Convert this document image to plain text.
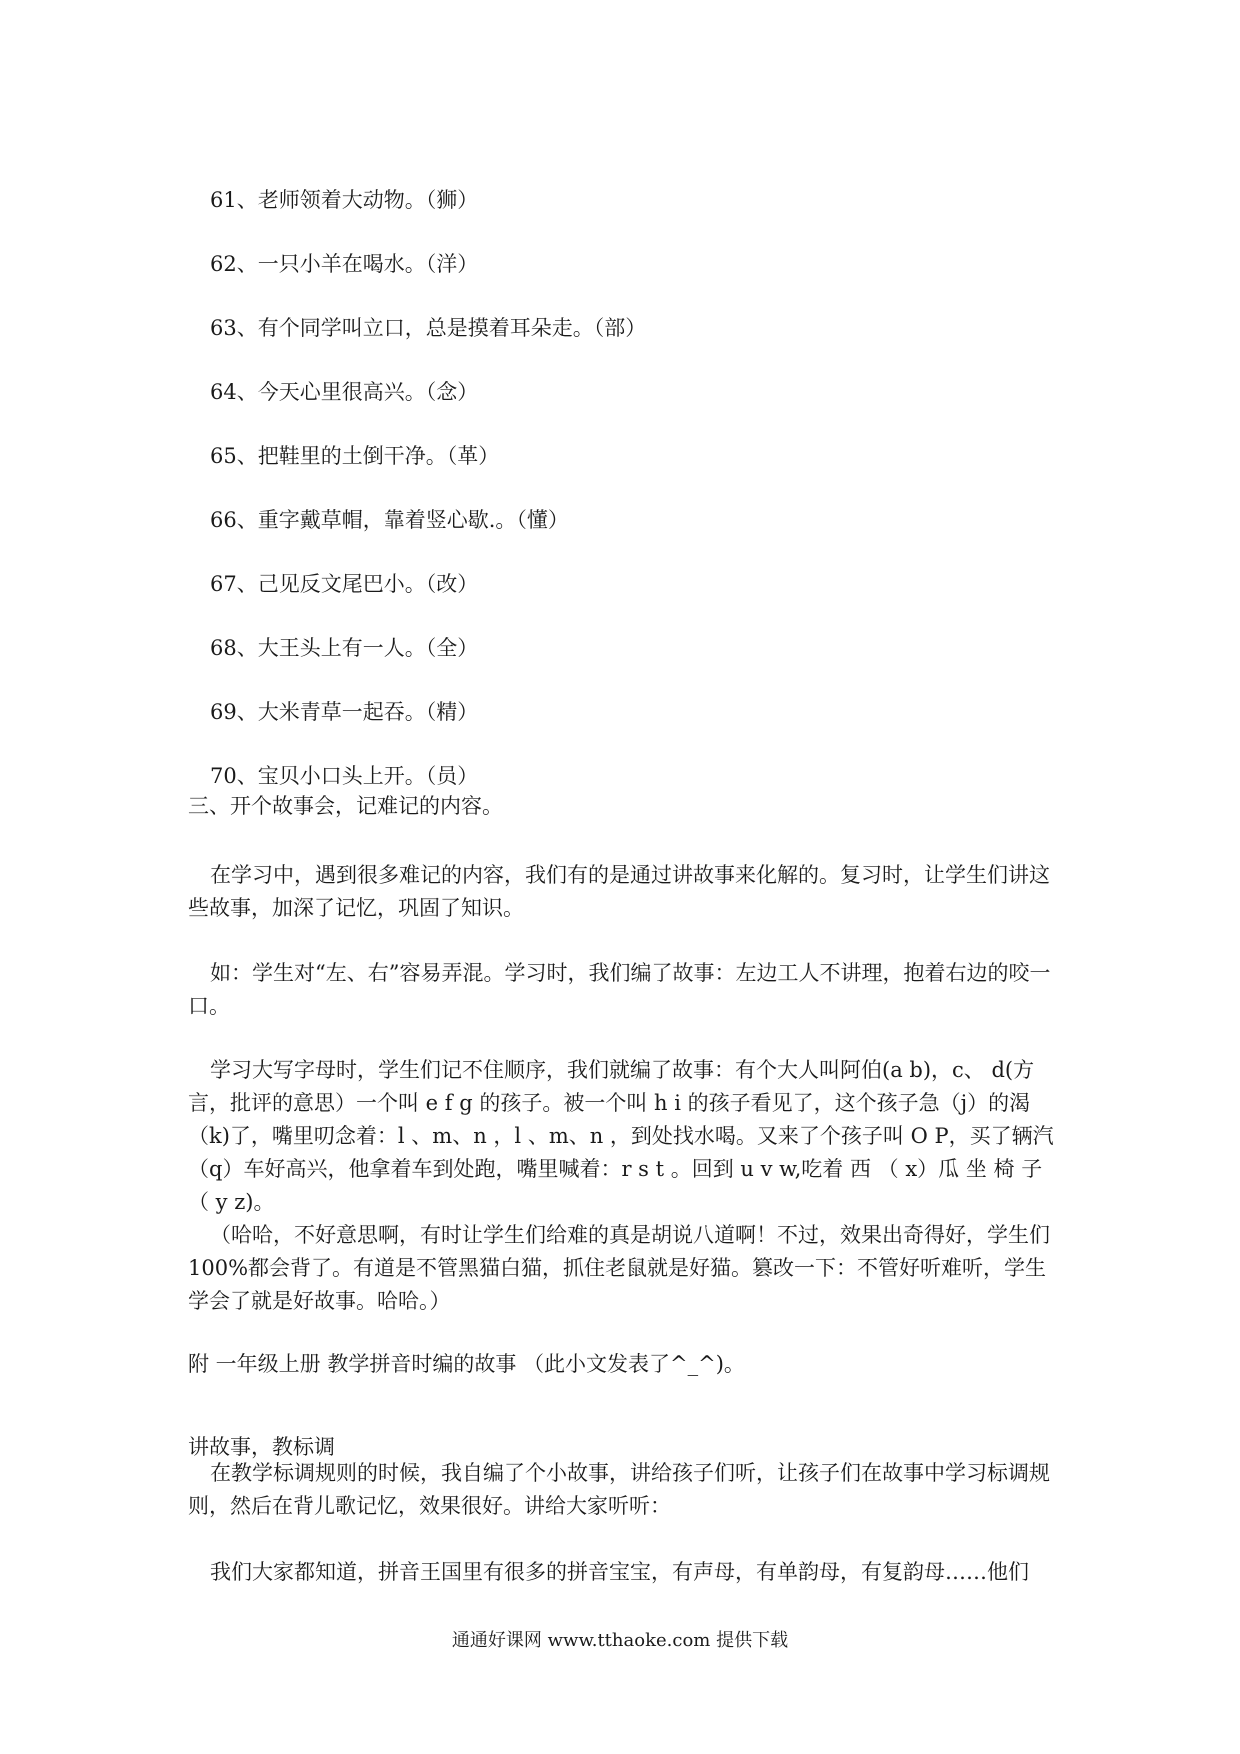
61、老师领着大动物。（狮）
62、一只小羊在喝水。（洋）
63、有个同学叫立口，总是摸着耳朵走。（部）
64、今天心里很高兴。（念）
65、把鞋里的土倒干净。（革）
66、重字戴草帽，靠着竖心歇.。（懂）
67、己见反文尾巴小。（改）
68、大王头上有一人。（全）
69、大米青草一起吞。（精）
70、宝贝小口头上开。（员）
三、开个故事会，记难记的内容。
在学习中，遇到很多难记的内容，我们有的是通过讲故事来化解的。复习时，让学生们讲这些故事，加深了记忆，巩固了知识。
如：学生对“左、右”容易弄混。学习时，我们编了故事：左边工人不讲理，抱着右边的咬一口。
学习大写字母时，学生们记不住顺序，我们就编了故事：有个大人叫阿伯(a b)，c、 d(方言，批评的意思）一个叫 e f g 的孩子。被一个叫 h i 的孩子看见了，这个孩子急（j）的渴（k)了，嘴里叨念着：l 、m、n ，l 、m、n ，到处找水喝。又来了个孩子叫 O P，买了辆汽（q）车好高兴，他拿着车到处跑，嘴里喊着：r s t 。回到 u v w,吃着 西 （ x）瓜 坐 椅 子（ y z)。
（哈哈，不好意思啊，有时让学生们给难的真是胡说八道啊！不过，效果出奇得好，学生们 100%都会背了。有道是不管黑猫白猫，抓住老鼠就是好猫。篡改一下：不管好听难听，学生学会了就是好故事。哈哈。）
附 一年级上册 教学拼音时编的故事 （此小文发表了^_^)。
讲故事，教标调
在教学标调规则的时候，我自编了个小故事，讲给孩子们听，让孩子们在故事中学习标调规则，然后在背儿歌记忆，效果很好。讲给大家听听：
我们大家都知道，拼音王国里有很多的拼音宝宝，有声母，有单韵母，有复韵母……他们
通通好课网 www.tthaoke.com 提供下载
